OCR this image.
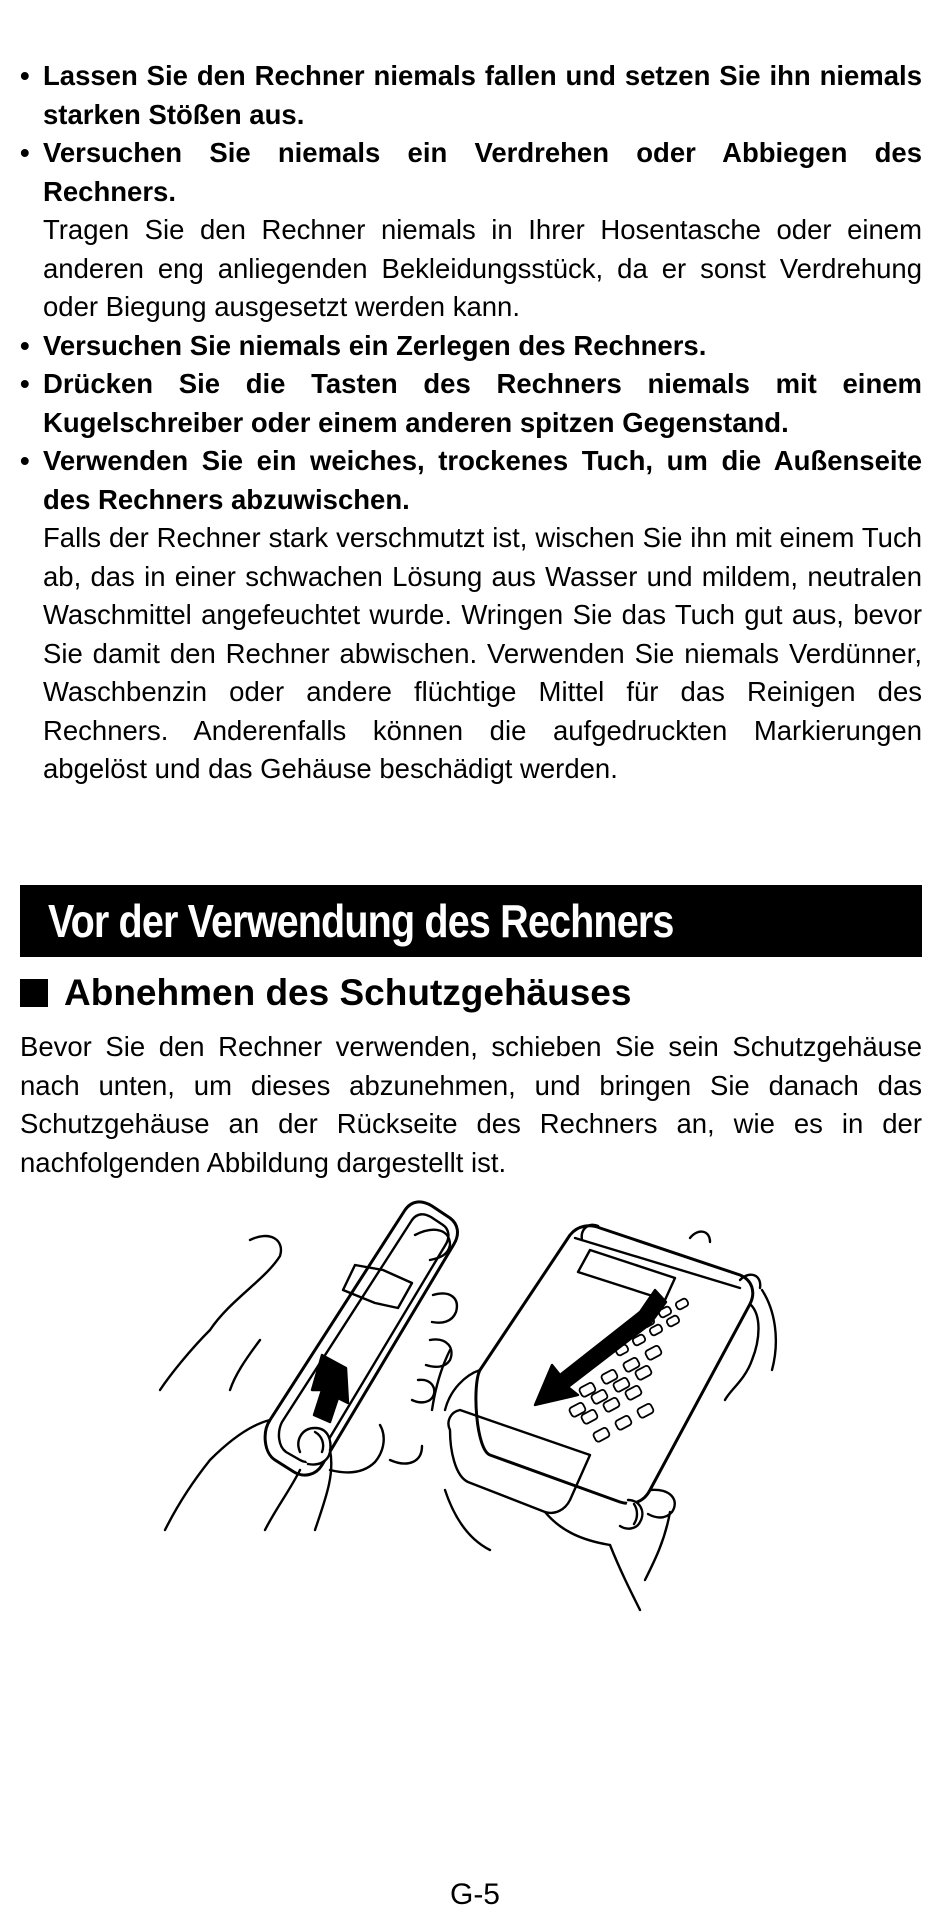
• Lassen Sie den Rechner niemals fallen und setzen Sie ihn niemals starken Stößen aus.
• Versuchen Sie niemals ein Verdrehen oder Abbiegen des Rechners.
Tragen Sie den Rechner niemals in Ihrer Hosentasche oder einem anderen eng anliegenden Bekleidungsstück, da er sonst Verdrehung oder Biegung ausgesetzt werden kann.
• Versuchen Sie niemals ein Zerlegen des Rechners.
• Drücken Sie die Tasten des Rechners niemals mit einem Kugelschreiber oder einem anderen spitzen Gegenstand.
• Verwenden Sie ein weiches, trockenes Tuch, um die Außenseite des Rechners abzuwischen.
Falls der Rechner stark verschmutzt ist, wischen Sie ihn mit einem Tuch ab, das in einer schwachen Lösung aus Wasser und mildem, neutralen Waschmittel angefeuchtet wurde. Wringen Sie das Tuch gut aus, bevor Sie damit den Rechner abwischen. Verwenden Sie niemals Verdünner, Waschbenzin oder andere flüchtige Mittel für das Reinigen des Rechners. Anderenfalls können die aufgedruckten Markierungen abgelöst und das Gehäuse beschädigt werden.
Vor der Verwendung des Rechners
Abnehmen des Schutzgehäuses

Bevor Sie den Rechner verwenden, schieben Sie sein Schutzgehäuse nach unten, um dieses abzunehmen, und bringen Sie danach das Schutzgehäuse an der Rückseite des Rechners an, wie es in der nachfolgenden Abbildung dargestellt ist.

G-5
